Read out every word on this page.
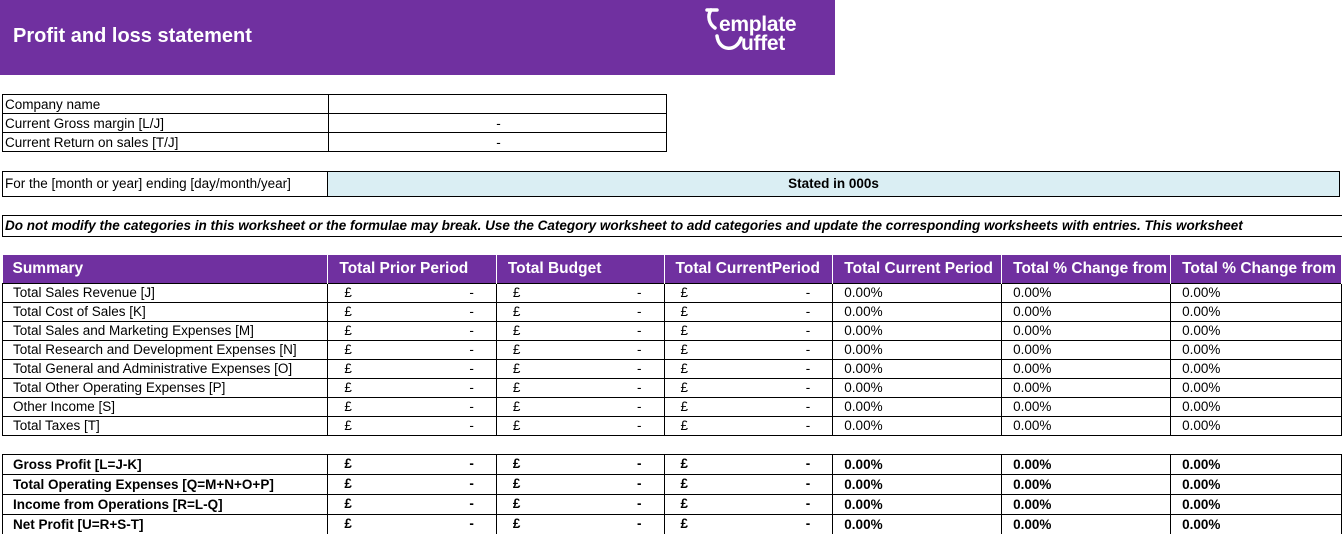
Profit and loss statement	emplate
uffet
Company name	
Current Gross margin [L/J]	-
Current Return on sales [T/J]	-
For the [month or year] ending [day/month/year]	Stated in 000s
Do not modify the categories in this worksheet or the formulae may break. Use the Category worksheet to add categories and update the corresponding worksheets with entries. This worksheet
Summary	Total Prior Period	Total Budget	Total CurrentPeriod	Total Current Period	Total % Change from	Total % Change from
Total Sales Revenue [J]	£ -	£ -	£ -	0.00%	0.00%	0.00%
Total Cost of Sales [K]	£ -	£ -	£ -	0.00%	0.00%	0.00%
Total Sales and Marketing Expenses [M]	£ -	£ -	£ -	0.00%	0.00%	0.00%
Total Research and Development Expenses [N]	£ -	£ -	£ -	0.00%	0.00%	0.00%
Total General and Administrative Expenses [O]	£ -	£ -	£ -	0.00%	0.00%	0.00%
Total Other Operating Expenses [P]	£ -	£ -	£ -	0.00%	0.00%	0.00%
Other Income [S]	£ -	£ -	£ -	0.00%	0.00%	0.00%
Total Taxes [T]	£ -	£ -	£ -	0.00%	0.00%	0.00%

Gross Profit [L=J-K]	£ -	£ -	£ -	0.00%	0.00%	0.00%
Total Operating Expenses [Q=M+N+O+P]	£ -	£ -	£ -	0.00%	0.00%	0.00%
Income from Operations [R=L-Q]	£ -	£ -	£ -	0.00%	0.00%	0.00%
Net Profit [U=R+S-T]	£ -	£ -	£ -	0.00%	0.00%	0.00%
